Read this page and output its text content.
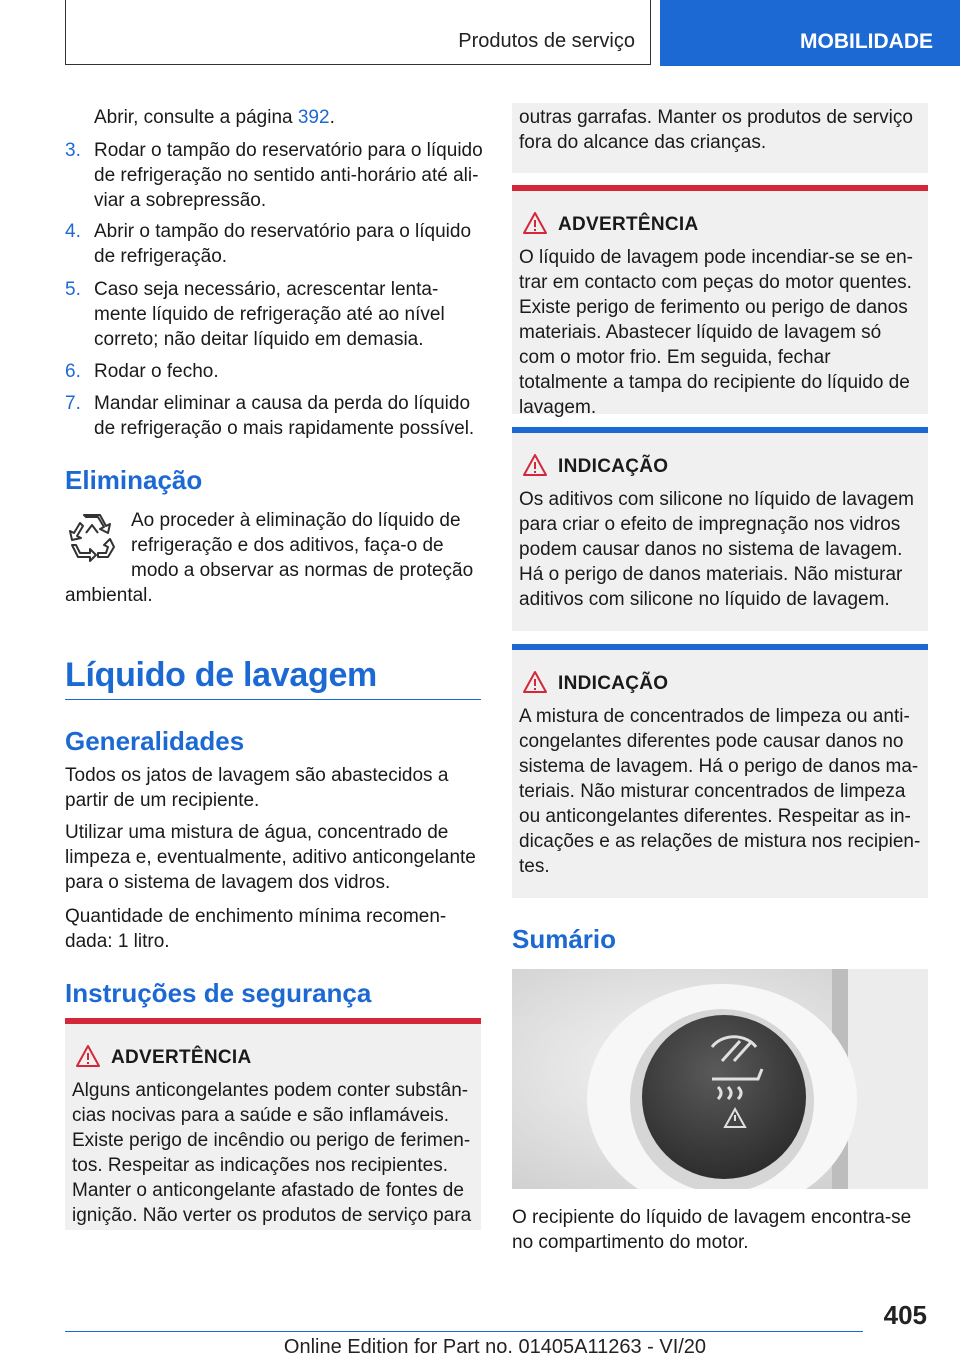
Produtos de serviço	MOBILIDADE
Abrir, consulte a página 392.
3. Rodar o tampão do reservatório para o líquido de refrigeração no sentido anti-horário até ali-viar a sobrepressão.
4. Abrir o tampão do reservatório para o líquido de refrigeração.
5. Caso seja necessário, acrescentar lenta-mente líquido de refrigeração até ao nível correto; não deitar líquido em demasia.
6. Rodar o fecho.
7. Mandar eliminar a causa da perda do líquido de refrigeração o mais rapidamente possível.
Eliminação
Ao proceder à eliminação do líquido de refrigeração e dos aditivos, faça-o de modo a observar as normas de proteção
ambiental.
Líquido de lavagem
Generalidades
Todos os jatos de lavagem são abastecidos a partir de um recipiente.
Utilizar uma mistura de água, concentrado de limpeza e, eventualmente, aditivo anticongelante para o sistema de lavagem dos vidros.
Quantidade de enchimento mínima recomen-dada: 1 litro.
Instruções de segurança
ADVERTÊNCIA
Alguns anticongelantes podem conter substân-cias nocivas para a saúde e são inflamáveis. Existe perigo de incêndio ou perigo de ferimen-tos. Respeitar as indicações nos recipientes. Manter o anticongelante afastado de fontes de ignição. Não verter os produtos de serviço para
outras garrafas. Manter os produtos de serviço fora do alcance das crianças.
ADVERTÊNCIA
O líquido de lavagem pode incendiar-se se en-trar em contacto com peças do motor quentes. Existe perigo de ferimento ou perigo de danos materiais. Abastecer líquido de lavagem só com o motor frio. Em seguida, fechar totalmente a tampa do recipiente do líquido de lavagem.
INDICAÇÃO
Os aditivos com silicone no líquido de lavagem para criar o efeito de impregnação nos vidros podem causar danos no sistema de lavagem. Há o perigo de danos materiais. Não misturar aditivos com silicone no líquido de lavagem.
INDICAÇÃO
A mistura de concentrados de limpeza ou anti-congelantes diferentes pode causar danos no sistema de lavagem. Há o perigo de danos ma-teriais. Não misturar concentrados de limpeza ou anticongelantes diferentes. Respeitar as in-dicações e as relações de mistura nos recipien-tes.
Sumário
O recipiente do líquido de lavagem encontra-se no compartimento do motor.
405
Online Edition for Part no. 01405A11263 - VI/20
